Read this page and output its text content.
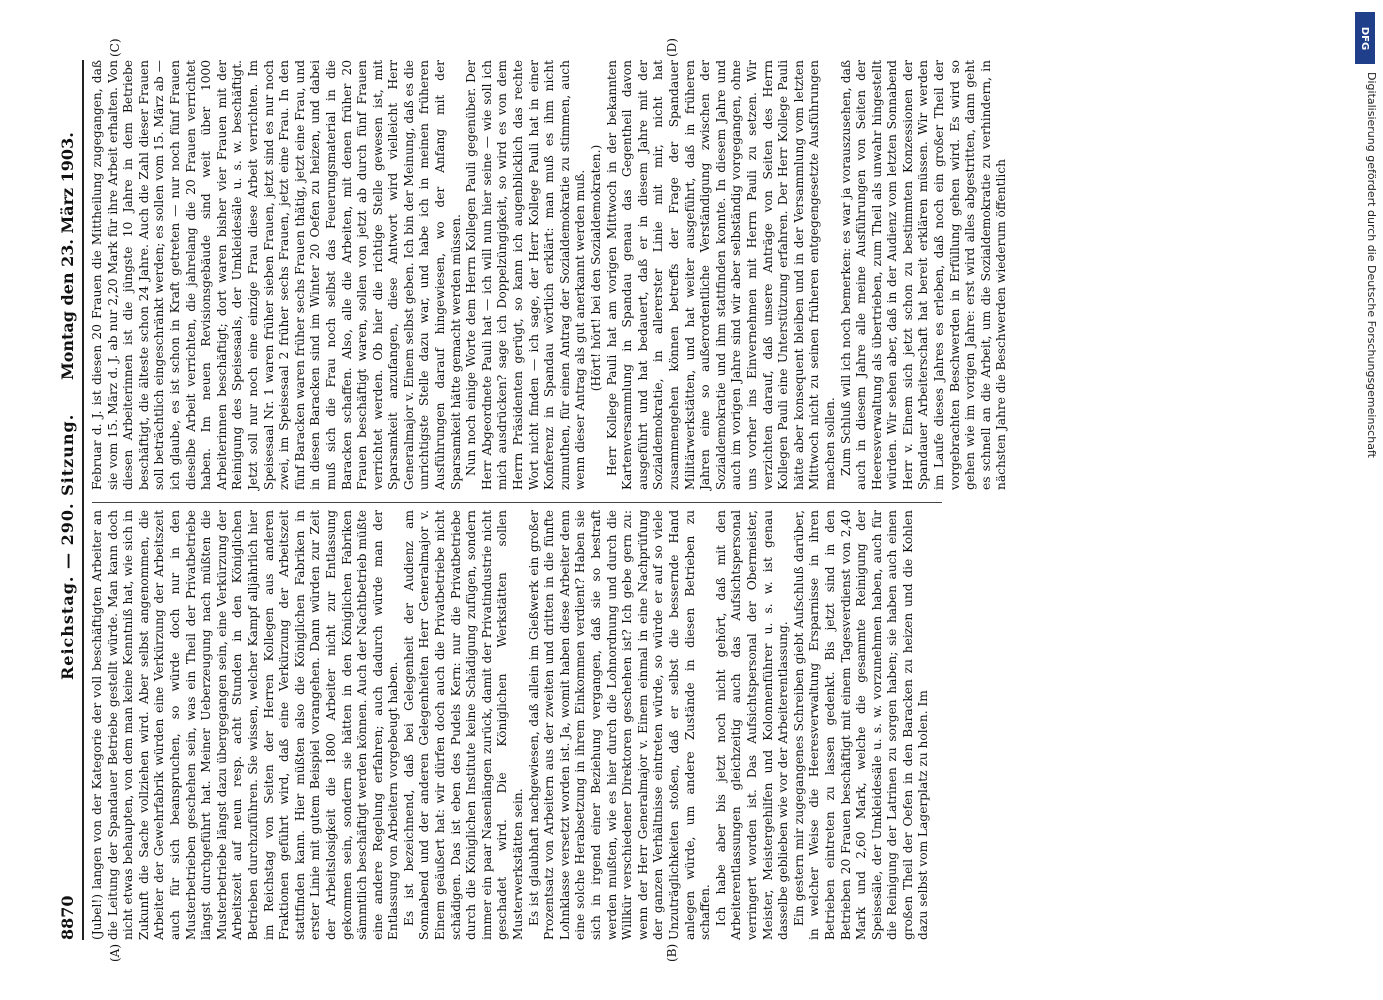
8870
Reichstag. — 290. Sitzung.
Montag den 23. März 1903.
(A)	(B)
(C)	(D)

(Jubel!) langen von der Kategorie der voll beschäftigten Arbeiter an die Leitung der Spandauer Betriebe gestellt würde. Man kann doch nicht etwas behaupten, von dem man keine Kenntniß hat, wie sich in Zukunft die Sache vollziehen wird. Aber selbst angenommen, die Arbeiter der Gewehrfabrik würden eine Verkürzung der Arbeitszeit auch für sich beanspruchen, so würde doch nur in den Musterbetrieben geschehen sein, was ein Theil der Privatbetriebe längst durchgeführt hat. Meiner Ueberzeugung nach müßten die Musterbetriebe längst dazu übergegangen sein, eine Verkürzung der Arbeitszeit auf neun resp. acht Stunden in den Königlichen Betrieben durchzuführen. Sie wissen, welcher Kampf alljährlich hier im Reichstag von Seiten der Herren Kollegen aus anderen Fraktionen geführt wird, daß eine Verkürzung der Arbeitszeit stattfinden kann. Hier müßten also die Königlichen Fabriken in erster Linie mit gutem Beispiel vorangehen. Dann würden zur Zeit der Arbeitslosigkeit die 1800 Arbeiter nicht zur Entlassung gekommen sein, sondern sie hätten in den Königlichen Fabriken sämmtlich beschäftigt werden können. Auch der Nachtbetrieb müßte eine andere Regelung erfahren; auch dadurch würde man der Entlassung von Arbeitern vorgebeugt haben. Es ist bezeichnend, daß bei Gelegenheit der Audienz am Sonnabend und der anderen Gelegenheiten Herr Generalmajor v. Einem geäußert hat: wir dürfen doch auch die Privatbetriebe nicht schädigen. Das ist eben des Pudels Kern: nur die Privatbetriebe durch die Königlichen Institute keine Schädigung zufügen, sondern immer ein paar Nasenlängen zurück, damit der Privatindustrie nicht geschadet wird. Die Königlichen Werkstätten sollen Musterwerkstätten sein. Es ist glaubhaft nachgewiesen, daß allein im Gießwerk ein großer Prozentsatz von Arbeitern aus der zweiten und dritten in die fünfte Lohnklasse versetzt worden ist. Ja, womit haben diese Arbeiter denn eine solche Herabsetzung in ihrem Einkommen verdient? Haben sie sich in irgend einer Beziehung vergangen, daß sie so bestraft werden mußten, wie es hier durch die Lohnordnung und durch die Willkür verschiedener Direktoren geschehen ist? Ich gebe gern zu: wenn der Herr Generalmajor v. Einem einmal in eine Nachprüfung der ganzen Verhältnisse eintreten würde, so würde er auf so viele Unzuträglichkeiten stoßen, daß er selbst die bessernde Hand anlegen würde, um andere Zustände in diesen Betrieben zu schaffen. Ich habe aber bis jetzt noch nicht gehört, daß mit den Arbeiterentlassungen gleichzeitig auch das Aufsichtspersonal verringert worden ist. Das Aufsichtspersonal der Obermeister, Meister, Meistergehilfen und Kolonnenführer u. s. w. ist genau dasselbe geblieben wie vor der Arbeiterentlassung. Ein gestern mir zugegangenes Schreiben giebt Aufschluß darüber, in welcher Weise die Heeresverwaltung Ersparnisse in ihren Betrieben eintreten zu lassen gedenkt. Bis jetzt sind in den Betrieben 20 Frauen beschäftigt mit einem Tagesverdienst von 2,40 Mark und 2,60 Mark, welche die gesammte Reinigung der Speisesäle, der Umkleidesäle u. s. w. vorzunehmen haben, auch für die Reinigung der Latrinen zu sorgen haben; sie haben auch einen großen Theil der Oefen in den Baracken zu heizen und die Kohlen dazu selbst vom Lagerplatz zu holen. Im

Februar d. J. ist diesen 20 Frauen die Mittheilung zugegangen, daß sie vom 15. März d. J. ab nur 2,20 Mark für ihre Arbeit erhalten. Von diesen Arbeiterinnen ist die jüngste 10 Jahre in dem Betriebe beschäftigt, die älteste schon 24 Jahre. Auch die Zahl dieser Frauen soll beträchtlich eingeschränkt werden; es sollen vom 15. März ab — ich glaube, es ist schon in Kraft getreten — nur noch fünf Frauen dieselbe Arbeit verrichten, die jahrelang die 20 Frauen verrichtet haben. Im neuen Revisionsgebäude sind weit über 1000 Arbeiterinnen beschäftigt; dort waren bisher vier Frauen mit der Reinigung des Speisesaals, der Umkleidesäle u. s. w. beschäftigt. Jetzt soll nur noch eine einzige Frau diese Arbeit verrichten. Im Speisesaal Nr. 1 waren früher sieben Frauen, jetzt sind es nur noch zwei, im Speisesaal 2 früher sechs Frauen, jetzt eine Frau. In den fünf Baracken waren früher sechs Frauen thätig, jetzt eine Frau, und in diesen Baracken sind im Winter 20 Oefen zu heizen, und dabei muß sich die Frau noch selbst das Feuerungsmaterial in die Baracken schaffen. Also, alle die Arbeiten, mit denen früher 20 Frauen beschäftigt waren, sollen von jetzt ab durch fünf Frauen verrichtet werden. Ob hier die richtige Stelle gewesen ist, mit Sparsamkeit anzufangen, diese Antwort wird vielleicht Herr Generalmajor v. Einem selbst geben. Ich bin der Meinung, daß es die unrichtigste Stelle dazu war, und habe ich in meinen früheren Ausführungen darauf hingewiesen, wo der Anfang mit der Sparsamkeit hätte gemacht werden müssen. Nun noch einige Worte dem Herrn Kollegen Pauli gegenüber. Der Herr Abgeordnete Pauli hat — ich will nun hier seine — wie soll ich mich ausdrücken? sage ich Doppelzüngigkeit, so wird es von dem Herrn Präsidenten gerügt, so kann ich augenblicklich das rechte Wort nicht finden — ich sage, der Herr Kollege Pauli hat in einer Konferenz in Spandau wörtlich erklärt: man muß es ihm nicht zumuthen, für einen Antrag der Sozialdemokratie zu stimmen, auch wenn dieser Antrag als gut anerkannt werden muß. (Hört! hört! bei den Sozialdemokraten.) Herr Kollege Pauli hat am vorigen Mittwoch in der bekannten Kartenversammlung in Spandau genau das Gegentheil davon ausgeführt und hat bedauert, daß er in diesem Jahre mit der Sozialdemokratie, in allererster Linie mit mir, nicht hat zusammengehen können betreffs der Frage der Spandauer Militärwerkstätten, und hat weiter ausgeführt, daß in früheren Jahren eine so außerordentliche Verständigung zwischen der Sozialdemokratie und ihm stattfinden konnte. In diesem Jahre und auch im vorigen Jahre sind wir aber selbständig vorgegangen, ohne uns vorher ins Einvernehmen mit Herrn Pauli zu setzen. Wir verzichten darauf, daß unsere Anträge von Seiten des Herrn Kollegen Pauli eine Unterstützung erfahren. Der Herr Kollege Pauli hätte aber konsequent bleiben und in der Versammlung vom letzten Mittwoch nicht zu seinen früheren entgegengesetzte Ausführungen machen sollen. Zum Schluß will ich noch bemerken: es war ja vorauszusehen, daß auch in diesem Jahre alle meine Ausführungen von Seiten der Heeresverwaltung als übertrieben, zum Theil als unwahr hingestellt würden. Wir sehen aber, daß in der Audienz vom letzten Sonnabend Herr v. Einem sich jetzt schon zu bestimmten Konzessionen der Spandauer Arbeiterschaft hat bereit erklären müssen. Wir werden im Laufe dieses Jahres es erleben, daß noch ein großer Theil der vorgebrachten Beschwerden in Erfüllung gehen wird. Es wird so gehen wie im vorigen Jahre: erst wird alles abgestritten, dann geht es schnell an die Arbeit, um die Sozialdemokratie zu verhindern, in nächsten Jahre die Beschwerden wiederum öffentlich

DFG
Digitalisierung gefördert durch die Deutsche Forschungsgemeinschaft
